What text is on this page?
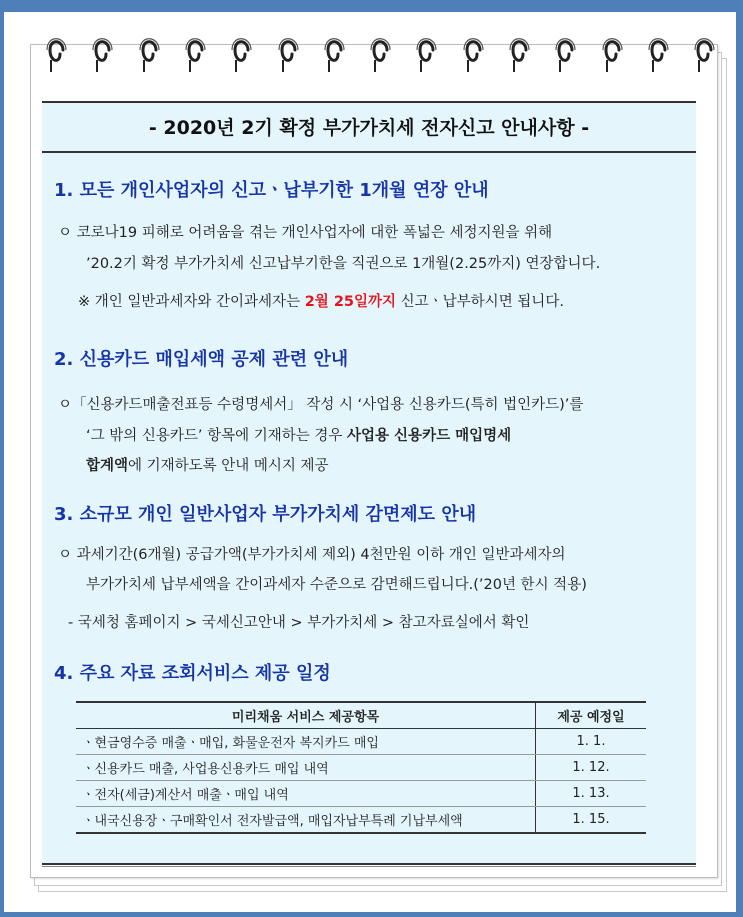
- 2020년 2기 확정 부가가치세 전자신고 안내사항 -
1. 모든 개인사업자의 신고ㆍ납부기한 1개월 연장 안내
ㅇ 코로나19 피해로 어려움을 겪는 개인사업자에 대한 폭넓은 세정지원을 위해
’20.2기 확정 부가가치세 신고납부기한을 직권으로 1개월(2.25까지) 연장합니다.
※ 개인 일반과세자와 간이과세자는 2월 25일까지 신고ㆍ납부하시면 됩니다.
2. 신용카드 매입세액 공제 관련 안내
ㅇ「신용카드매출전표등 수령명세서」 작성 시 ‘사업용 신용카드(특히 법인카드)’를
‘그 밖의 신용카드’ 항목에 기재하는 경우 사업용 신용카드 매입명세
합계액에 기재하도록 안내 메시지 제공
3. 소규모 개인 일반사업자 부가가치세 감면제도 안내
ㅇ 과세기간(6개월) 공급가액(부가가치세 제외) 4천만원 이하 개인 일반과세자의
부가가치세 납부세액을 간이과세자 수준으로 감면해드립니다.(’20년 한시 적용)
- 국세청 홈페이지 > 국세신고안내 > 부가가치세 > 참고자료실에서 확인
4. 주요 자료 조회서비스 제공 일정
미리채움 서비스 제공항목	제공 예정일
ㆍ현금영수증 매출ㆍ매입, 화물운전자 복지카드 매입	1. 1.
ㆍ신용카드 매출, 사업용신용카드 매입 내역	1. 12.
ㆍ전자(세금)계산서 매출ㆍ매입 내역	1. 13.
ㆍ내국신용장ㆍ구매확인서 전자발급액, 매입자납부특례 기납부세액	1. 15.
